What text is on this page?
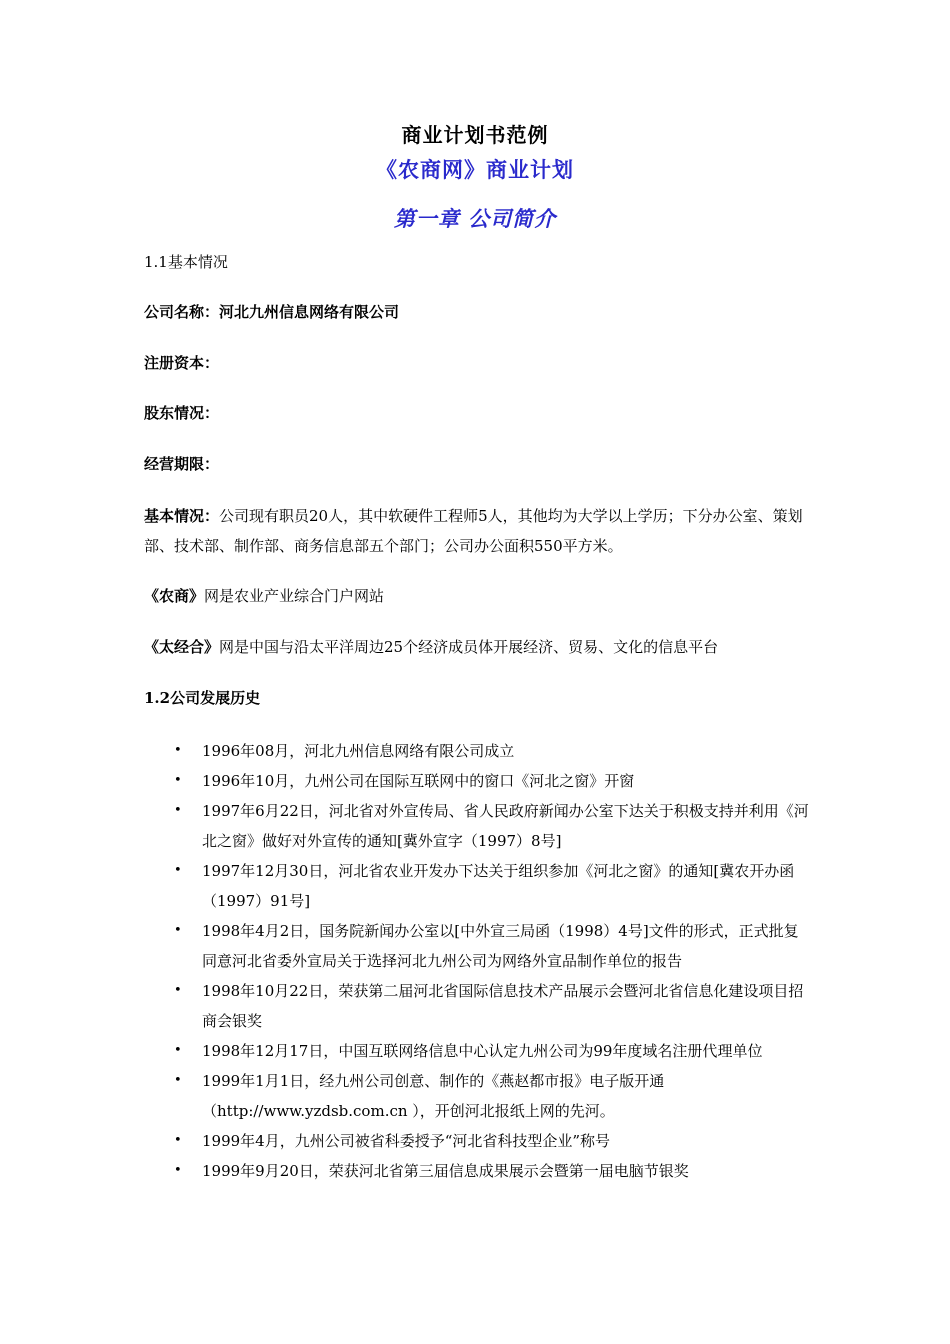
商业计划书范例
《农商网》商业计划
第一章 公司简介

1.1基本情况

公司名称：河北九州信息网络有限公司

注册资本：

股东情况：

经营期限：

基本情况：公司现有职员20人，其中软硬件工程师5人，其他均为大学以上学历；下分办公室、策划部、技术部、制作部、商务信息部五个部门；公司办公面积550平方米。

《农商》网是农业产业综合门户网站

《太经合》网是中国与沿太平洋周边25个经济成员体开展经济、贸易、文化的信息平台

1.2公司发展历史

• 1996年08月，河北九州信息网络有限公司成立
• 1996年10月，九州公司在国际互联网中的窗口《河北之窗》开窗
• 1997年6月22日，河北省对外宣传局、省人民政府新闻办公室下达关于积极支持并利用《河北之窗》做好对外宣传的通知[冀外宣字（1997）8号]
• 1997年12月30日，河北省农业开发办下达关于组织参加《河北之窗》的通知[冀农开办函（1997）91号]
• 1998年4月2日，国务院新闻办公室以[中外宣三局函（1998）4号]文件的形式，正式批复同意河北省委外宣局关于选择河北九州公司为网络外宣品制作单位的报告
• 1998年10月22日，荣获第二届河北省国际信息技术产品展示会暨河北省信息化建设项目招商会银奖
• 1998年12月17日，中国互联网络信息中心认定九州公司为99年度域名注册代理单位
• 1999年1月1日，经九州公司创意、制作的《燕赵都市报》电子版开通（http://www.yzdsb.com.cn ），开创河北报纸上网的先河。
• 1999年4月，九州公司被省科委授予“河北省科技型企业”称号
• 1999年9月20日，荣获河北省第三届信息成果展示会暨第一届电脑节银奖
